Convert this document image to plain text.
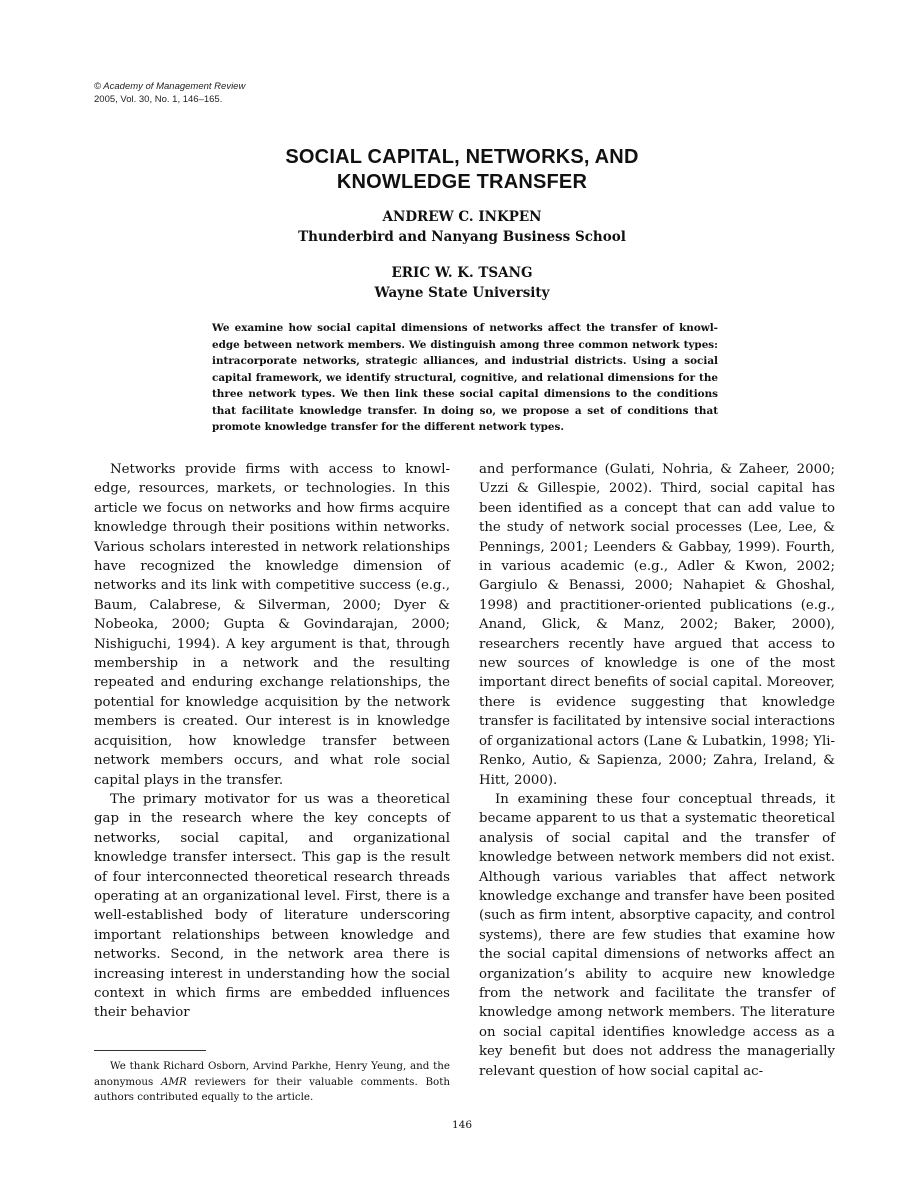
© Academy of Management Review
2005, Vol. 30, No. 1, 146–165.
SOCIAL CAPITAL, NETWORKS, AND
KNOWLEDGE TRANSFER
ANDREW C. INKPEN
Thunderbird and Nanyang Business School
ERIC W. K. TSANG
Wayne State University
We examine how social capital dimensions of networks affect the transfer of knowledge between network members. We distinguish among three common network types: intracorporate networks, strategic alliances, and industrial districts. Using a social capital framework, we identify structural, cognitive, and relational dimensions for the three network types. We then link these social capital dimensions to the conditions that facilitate knowledge transfer. In doing so, we propose a set of conditions that promote knowledge transfer for the different network types.

Networks provide firms with access to knowledge, resources, markets, or technologies. In this article we focus on networks and how firms acquire knowledge through their positions within networks. Various scholars interested in network relationships have recognized the knowledge dimension of networks and its link with competitive success (e.g., Baum, Calabrese, & Silverman, 2000; Dyer & Nobeoka, 2000; Gupta & Govindarajan, 2000; Nishiguchi, 1994). A key argument is that, through membership in a network and the resulting repeated and enduring exchange relationships, the potential for knowledge acquisition by the network members is created. Our interest is in knowledge acquisition, how knowledge transfer between network members occurs, and what role social capital plays in the transfer.

The primary motivator for us was a theoretical gap in the research where the key concepts of networks, social capital, and organizational knowledge transfer intersect. This gap is the result of four interconnected theoretical research threads operating at an organizational level. First, there is a well-established body of literature underscoring important relationships between knowledge and networks. Second, in the network area there is increasing interest in understanding how the social context in which firms are embedded influences their behavior

and performance (Gulati, Nohria, & Zaheer, 2000; Uzzi & Gillespie, 2002). Third, social capital has been identified as a concept that can add value to the study of network social processes (Lee, Lee, & Pennings, 2001; Leenders & Gabbay, 1999). Fourth, in various academic (e.g., Adler & Kwon, 2002; Gargiulo & Benassi, 2000; Nahapiet & Ghoshal, 1998) and practitioner-oriented publications (e.g., Anand, Glick, & Manz, 2002; Baker, 2000), researchers recently have argued that access to new sources of knowledge is one of the most important direct benefits of social capital. Moreover, there is evidence suggesting that knowledge transfer is facilitated by intensive social interactions of organizational actors (Lane & Lubatkin, 1998; Yli-Renko, Autio, & Sapienza, 2000; Zahra, Ireland, & Hitt, 2000).

In examining these four conceptual threads, it became apparent to us that a systematic theoretical analysis of social capital and the transfer of knowledge between network members did not exist. Although various variables that affect network knowledge exchange and transfer have been posited (such as firm intent, absorptive capacity, and control systems), there are few studies that examine how the social capital dimensions of networks affect an organization’s ability to acquire new knowledge from the network and facilitate the transfer of knowledge among network members. The literature on social capital identifies knowledge access as a key benefit but does not address the managerially relevant question of how social capital ac-

We thank Richard Osborn, Arvind Parkhe, Henry Yeung, and the anonymous AMR reviewers for their valuable comments. Both authors contributed equally to the article.

146
